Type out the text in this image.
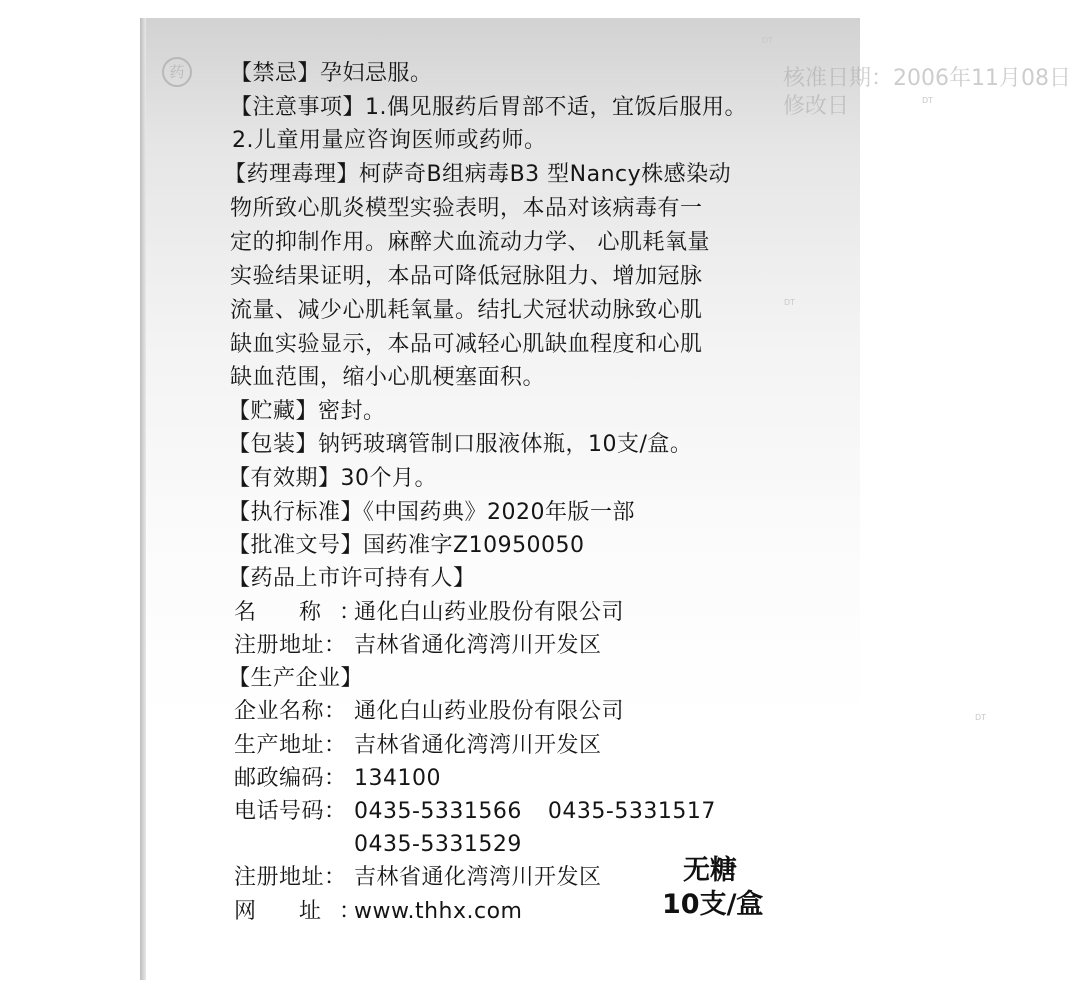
药	核准日期：2006年11月08日
修改日
DT
DT
DT
DT
【禁忌】孕妇忌服。
【注意事项】1.偶见服药后胃部不适，宜饭后服用。
2.儿童用量应咨询医师或药师。
【药理毒理】柯萨奇B组病毒B3 型Nancy株感染动
物所致心肌炎模型实验表明，本品对该病毒有一
定的抑制作用。麻醉犬血流动力学、 心肌耗氧量
实验结果证明，本品可降低冠脉阻力、增加冠脉
流量、减少心肌耗氧量。结扎犬冠状动脉致心肌
缺血实验显示，本品可减轻心肌缺血程度和心肌
缺血范围，缩小心肌梗塞面积。
【贮藏】密封。
【包装】钠钙玻璃管制口服液体瓶，10支/盒。
【有效期】30个月。
【执行标准】《中国药典》2020年版一部
【批准文号】国药准字Z10950050
【药品上市许可持有人】
名 称：通化白山药业股份有限公司
注册地址： 吉林省通化湾湾川开发区
【生产企业】
企业名称： 通化白山药业股份有限公司
生产地址： 吉林省通化湾湾川开发区
邮政编码： 134100
电话号码： 0435-5331566 0435-5331517
0435-5331529
注册地址： 吉林省通化湾湾川开发区
网 址：www.thhx.com
无糖
10支/盒
